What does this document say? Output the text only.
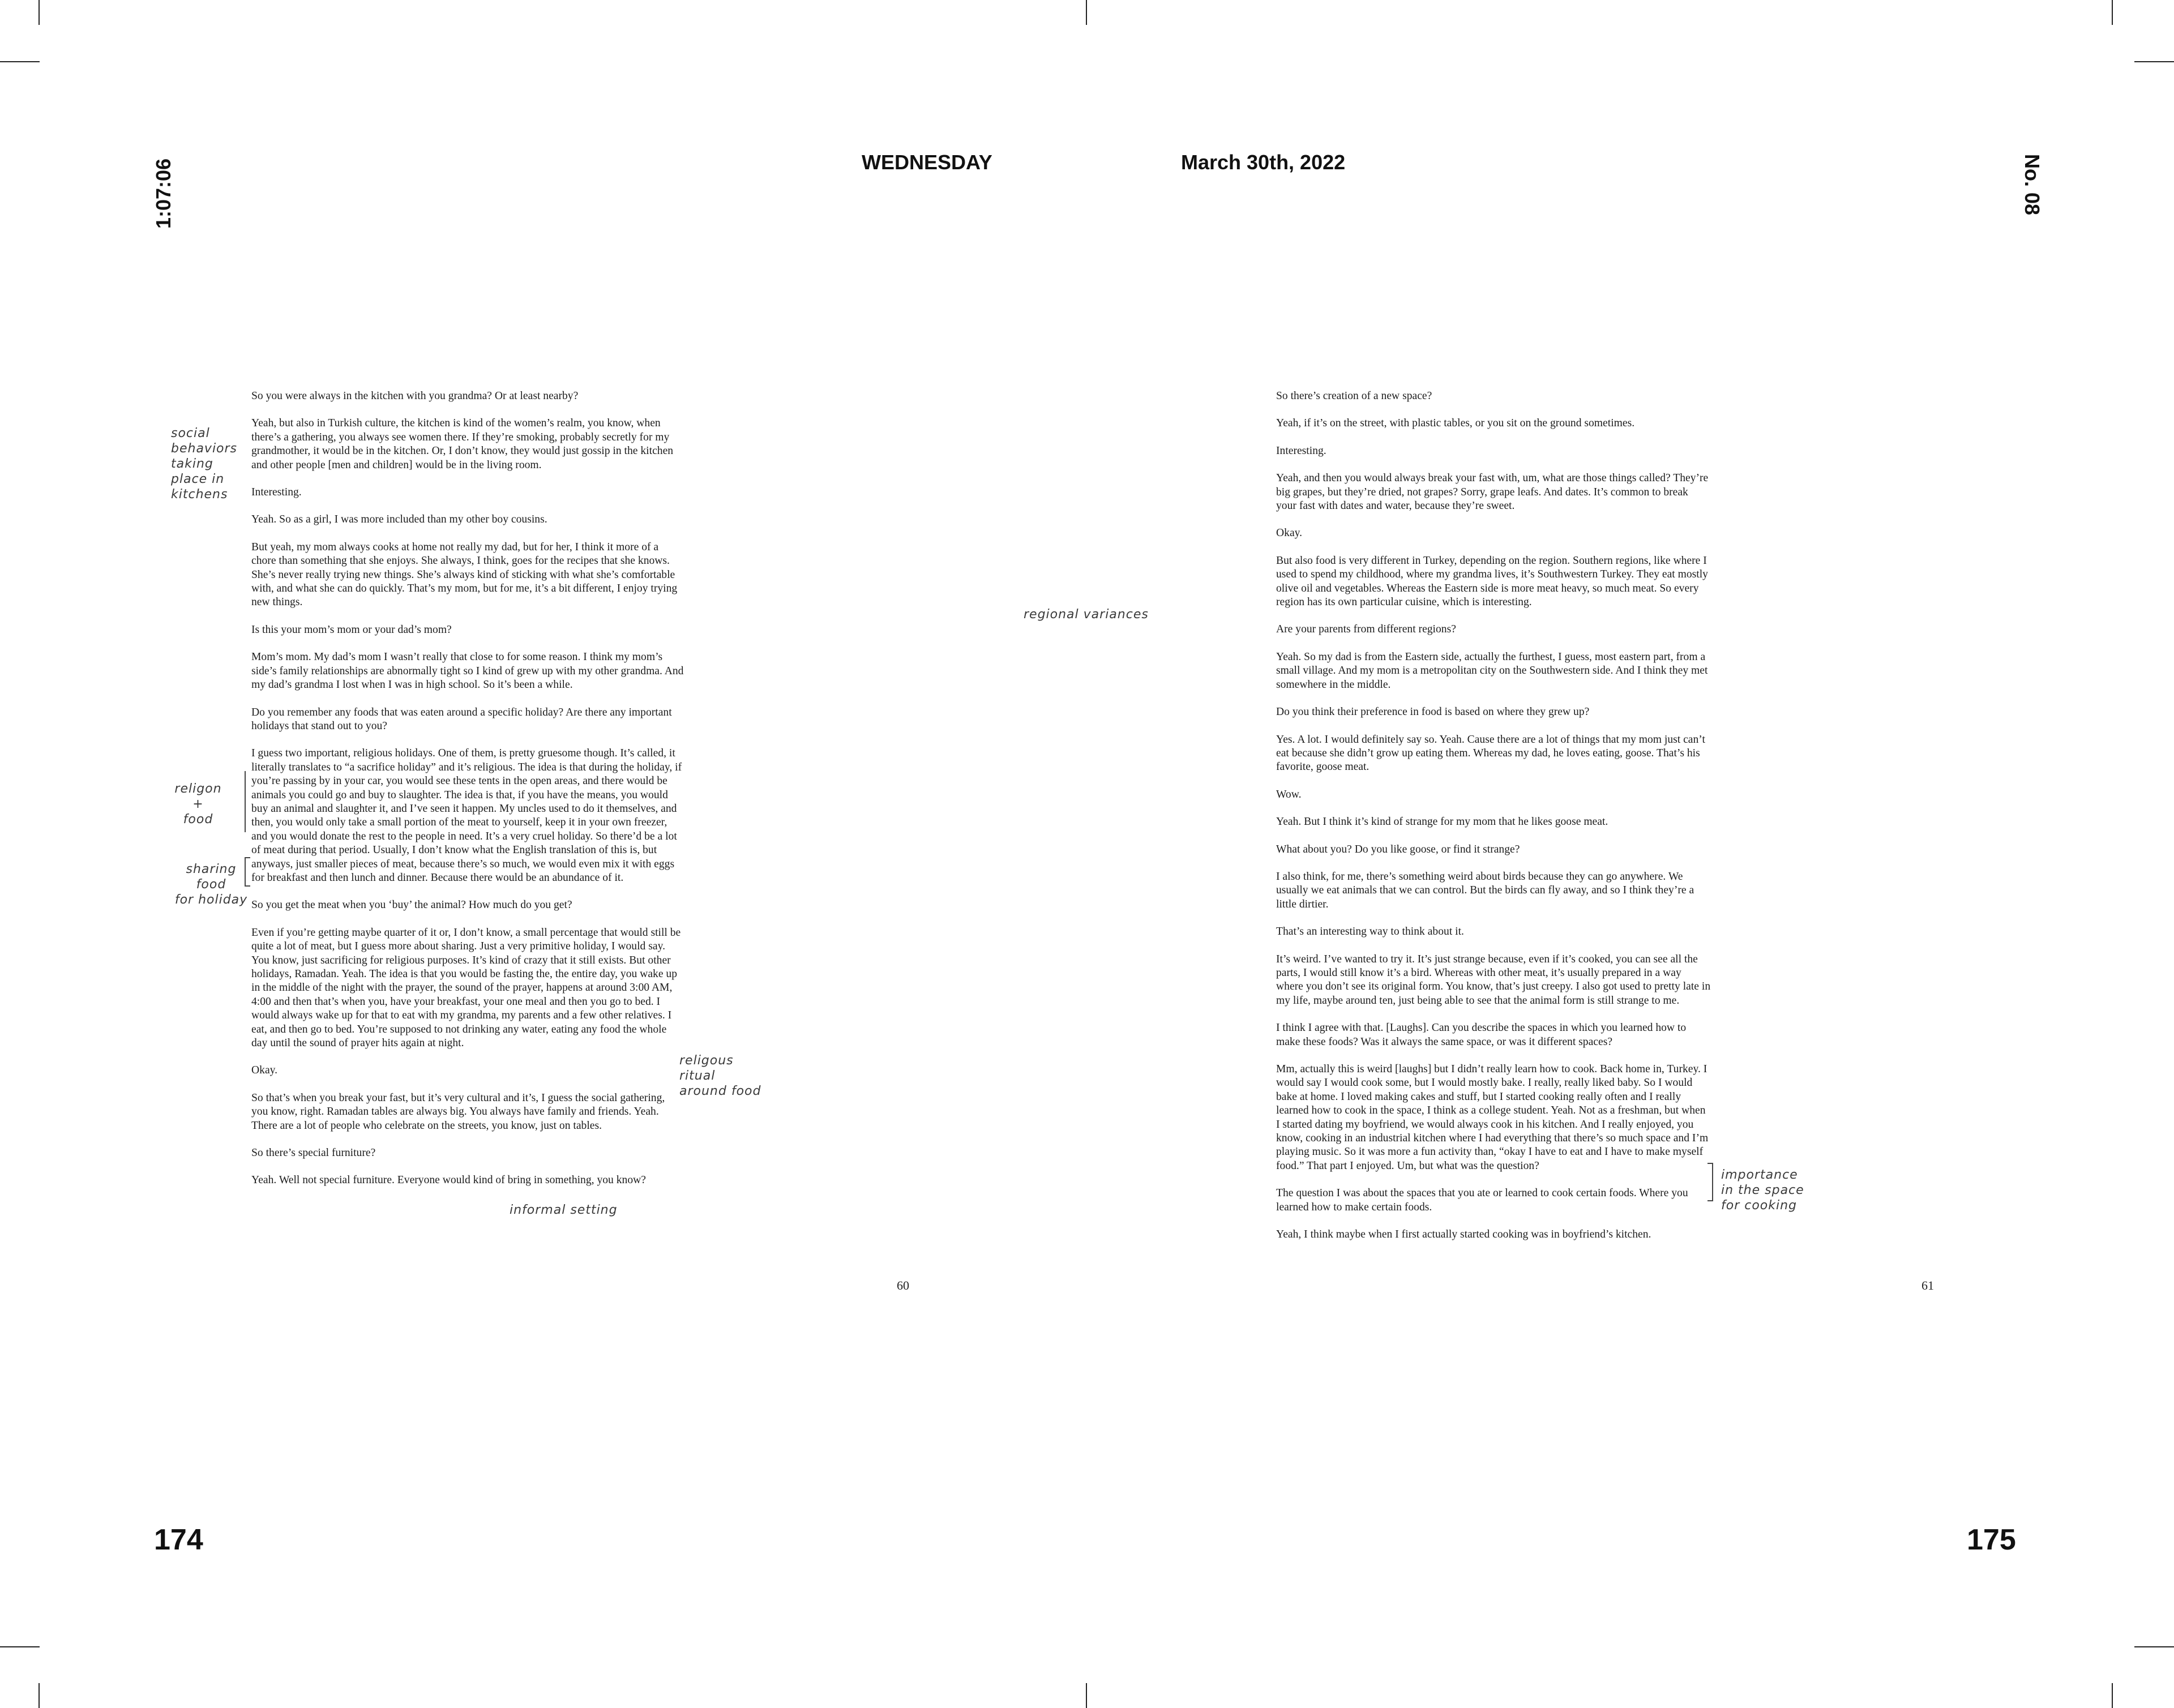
1:07:06	WEDNESDAY	March 30th, 2022	No. 08
174	175

So you were always in the kitchen with you grandma? Or at least nearby?

Yeah, but also in Turkish culture, the kitchen is kind of the women’s realm, you know, when there’s a gathering, you always see women there. If they’re smoking, probably secretly for my grandmother, it would be in the kitchen. Or, I don’t know, they would just gossip in the kitchen and other people [men and children] would be in the living room.

Interesting.

Yeah. So as a girl, I was more included than my other boy cousins.

But yeah, my mom always cooks at home not really my dad, but for her, I think it more of a chore than something that she enjoys. She always, I think, goes for the recipes that she knows. She’s never really trying new things. She’s always kind of sticking with what she’s comfortable with, and what she can do quickly. That’s my mom, but for me, it’s a bit different, I enjoy trying new things.

Is this your mom’s mom or your dad’s mom?

Mom’s mom. My dad’s mom I wasn’t really that close to for some reason. I think my mom’s side’s family relationships are abnormally tight so I kind of grew up with my other grandma. And my dad’s grandma I lost when I was in high school. So it’s been a while.

Do you remember any foods that was eaten around a specific holiday? Are there any important holidays that stand out to you?

I guess two important, religious holidays. One of them, is pretty gruesome though. It’s called, it literally translates to “a sacrifice holiday” and it’s religious. The idea is that during the holiday, if you’re passing by in your car, you would see these tents in the open areas, and there would be animals you could go and buy to slaughter. The idea is that, if you have the means, you would buy an animal and slaughter it, and I’ve seen it happen. My uncles used to do it themselves, and then, you would only take a small portion of the meat to yourself, keep it in your own freezer, and you would donate the rest to the people in need. It’s a very cruel holiday. So there’d be a lot of meat during that period. Usually, I don’t know what the English translation of this is, but anyways, just smaller pieces of meat, because there’s so much, we would even mix it with eggs for breakfast and then lunch and dinner. Because there would be an abundance of it.

So you get the meat when you ‘buy’ the animal? How much do you get?

Even if you’re getting maybe quarter of it or, I don’t know, a small percentage that would still be quite a lot of meat, but I guess more about sharing. Just a very primitive holiday, I would say. You know, just sacrificing for religious purposes. It’s kind of crazy that it still exists. But other holidays, Ramadan. Yeah. The idea is that you would be fasting the, the entire day, you wake up in the middle of the night with the prayer, the sound of the prayer, happens at around 3:00 AM, 4:00 and then that’s when you, have your breakfast, your one meal and then you go to bed. I would always wake up for that to eat with my grandma, my parents and a few other relatives. I eat, and then go to bed. You’re supposed to not drinking any water, eating any food the whole day until the sound of prayer hits again at night.

Okay.

So that’s when you break your fast, but it’s very cultural and it’s, I guess the social gathering, you know, right. Ramadan tables are always big. You always have family and friends. Yeah. There are a lot of people who celebrate on the streets, you know, just on tables.

So there’s special furniture?

Yeah. Well not special furniture. Everyone would kind of bring in something, you know?

60

So there’s creation of a new space?

Yeah, if it’s on the street, with plastic tables, or you sit on the ground sometimes.

Interesting.

Yeah, and then you would always break your fast with, um, what are those things called? They’re big grapes, but they’re dried, not grapes? Sorry, grape leafs. And dates. It’s common to break your fast with dates and water, because they’re sweet.

Okay.

But also food is very different in Turkey, depending on the region. Southern regions, like where I used to spend my childhood, where my grandma lives, it’s Southwestern Turkey. They eat mostly olive oil and vegetables. Whereas the Eastern side is more meat heavy, so much meat. So every region has its own particular cuisine, which is interesting.

Are your parents from different regions?

Yeah. So my dad is from the Eastern side, actually the furthest, I guess, most eastern part, from a small village. And my mom is a metropolitan city on the Southwestern side. And I think they met somewhere in the middle.

Do you think their preference in food is based on where they grew up?

Yes. A lot. I would definitely say so. Yeah. Cause there are a lot of things that my mom just can’t eat because she didn’t grow up eating them. Whereas my dad, he loves eating, goose. That’s his favorite, goose meat.

Wow.

Yeah. But I think it’s kind of strange for my mom that he likes goose meat.

What about you? Do you like goose, or find it strange?

I also think, for me, there’s something weird about birds because they can go anywhere. We usually we eat animals that we can control. But the birds can fly away, and so I think they’re a little dirtier.

That’s an interesting way to think about it.

It’s weird. I’ve wanted to try it. It’s just strange because, even if it’s cooked, you can see all the parts, I would still know it’s a bird. Whereas with other meat, it’s usually prepared in a way where you don’t see its original form. You know, that’s just creepy. I also got used to pretty late in my life, maybe around ten, just being able to see that the animal form is still strange to me.

I think I agree with that. [Laughs]. Can you describe the spaces in which you learned how to make these foods? Was it always the same space, or was it different spaces?

Mm, actually this is weird [laughs] but I didn’t really learn how to cook. Back home in, Turkey. I would say I would cook some, but I would mostly bake. I really, really liked baby. So I would bake at home. I loved making cakes and stuff, but I started cooking really often and I really learned how to cook in the space, I think as a college student. Yeah. Not as a freshman, but when I started dating my boyfriend, we would always cook in his kitchen. And I really enjoyed, you know, cooking in an industrial kitchen where I had everything that there’s so much space and I’m playing music. So it was more a fun activity than, “okay I have to eat and I have to make myself food.” That part I enjoyed. Um, but what was the question?

The question I was about the spaces that you ate or learned to cook certain foods. Where you learned how to make certain foods.

Yeah, I think maybe when I first actually started cooking was in boyfriend’s kitchen.

61
social
behaviors
taking
place in
kitchens
religon
+
food
sharing
food
for holiday
religous
ritual
around food
informal setting
regional variances
importance
in the space
for cooking
